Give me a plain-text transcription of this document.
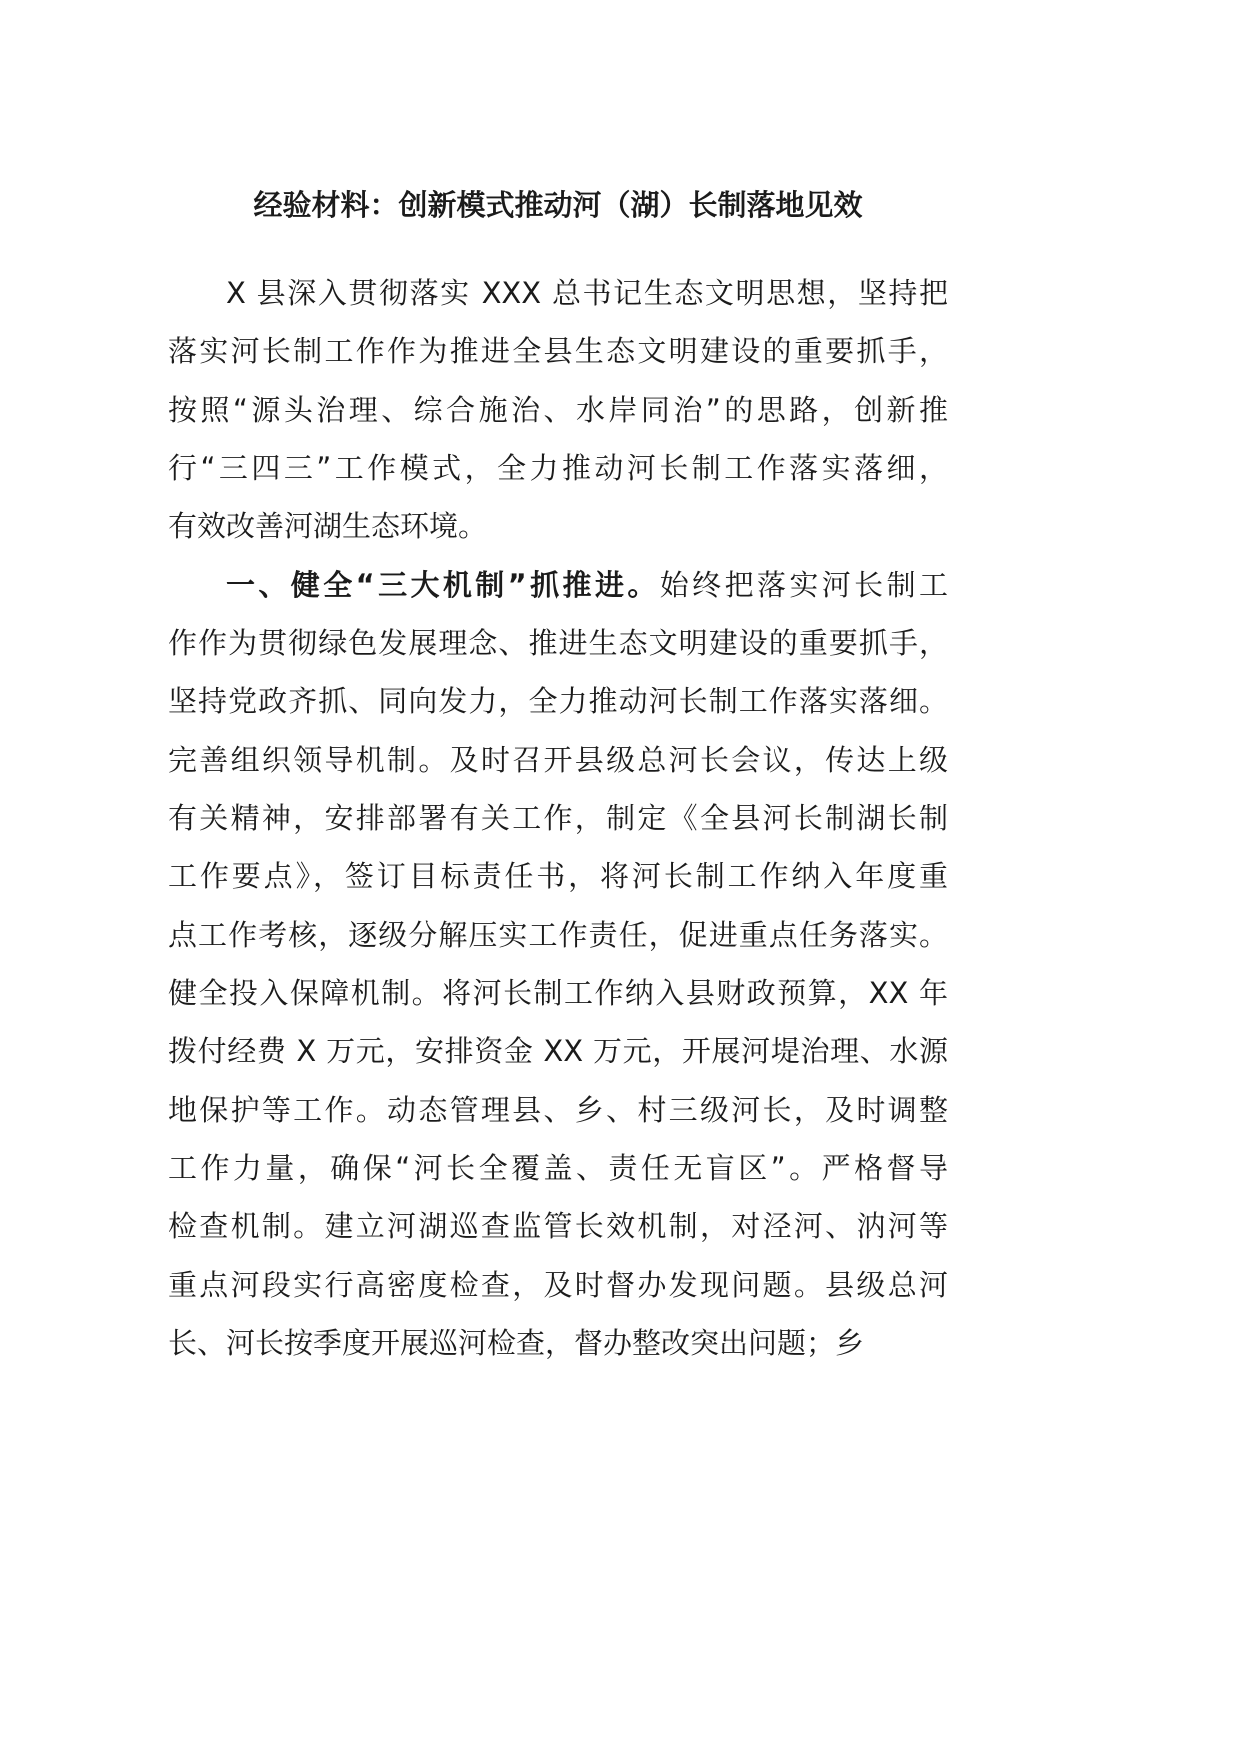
经验材料：创新模式推动河（湖）长制落地见效
X 县深入贯彻落实 XXX 总书记生态文明思想，坚持把
落实河长制工作作为推进全县生态文明建设的重要抓手，
按照“源头治理、综合施治、水岸同治”的思路，创新推
行“三四三”工作模式，全力推动河长制工作落实落细，
有效改善河湖生态环境。
一、健全“三大机制”抓推进。始终把落实河长制工
作作为贯彻绿色发展理念、推进生态文明建设的重要抓手，
坚持党政齐抓、同向发力，全力推动河长制工作落实落细。
完善组织领导机制。及时召开县级总河长会议，传达上级
有关精神，安排部署有关工作，制定《全县河长制湖长制
工作要点》，签订目标责任书，将河长制工作纳入年度重
点工作考核，逐级分解压实工作责任，促进重点任务落实。
健全投入保障机制。将河长制工作纳入县财政预算，XX 年
拨付经费 X 万元，安排资金 XX 万元，开展河堤治理、水源
地保护等工作。动态管理县、乡、村三级河长，及时调整
工作力量，确保“河长全覆盖、责任无盲区”。严格督导
检查机制。建立河湖巡查监管长效机制，对泾河、汭河等
重点河段实行高密度检查，及时督办发现问题。县级总河
长、河长按季度开展巡河检查，督办整改突出问题；乡
